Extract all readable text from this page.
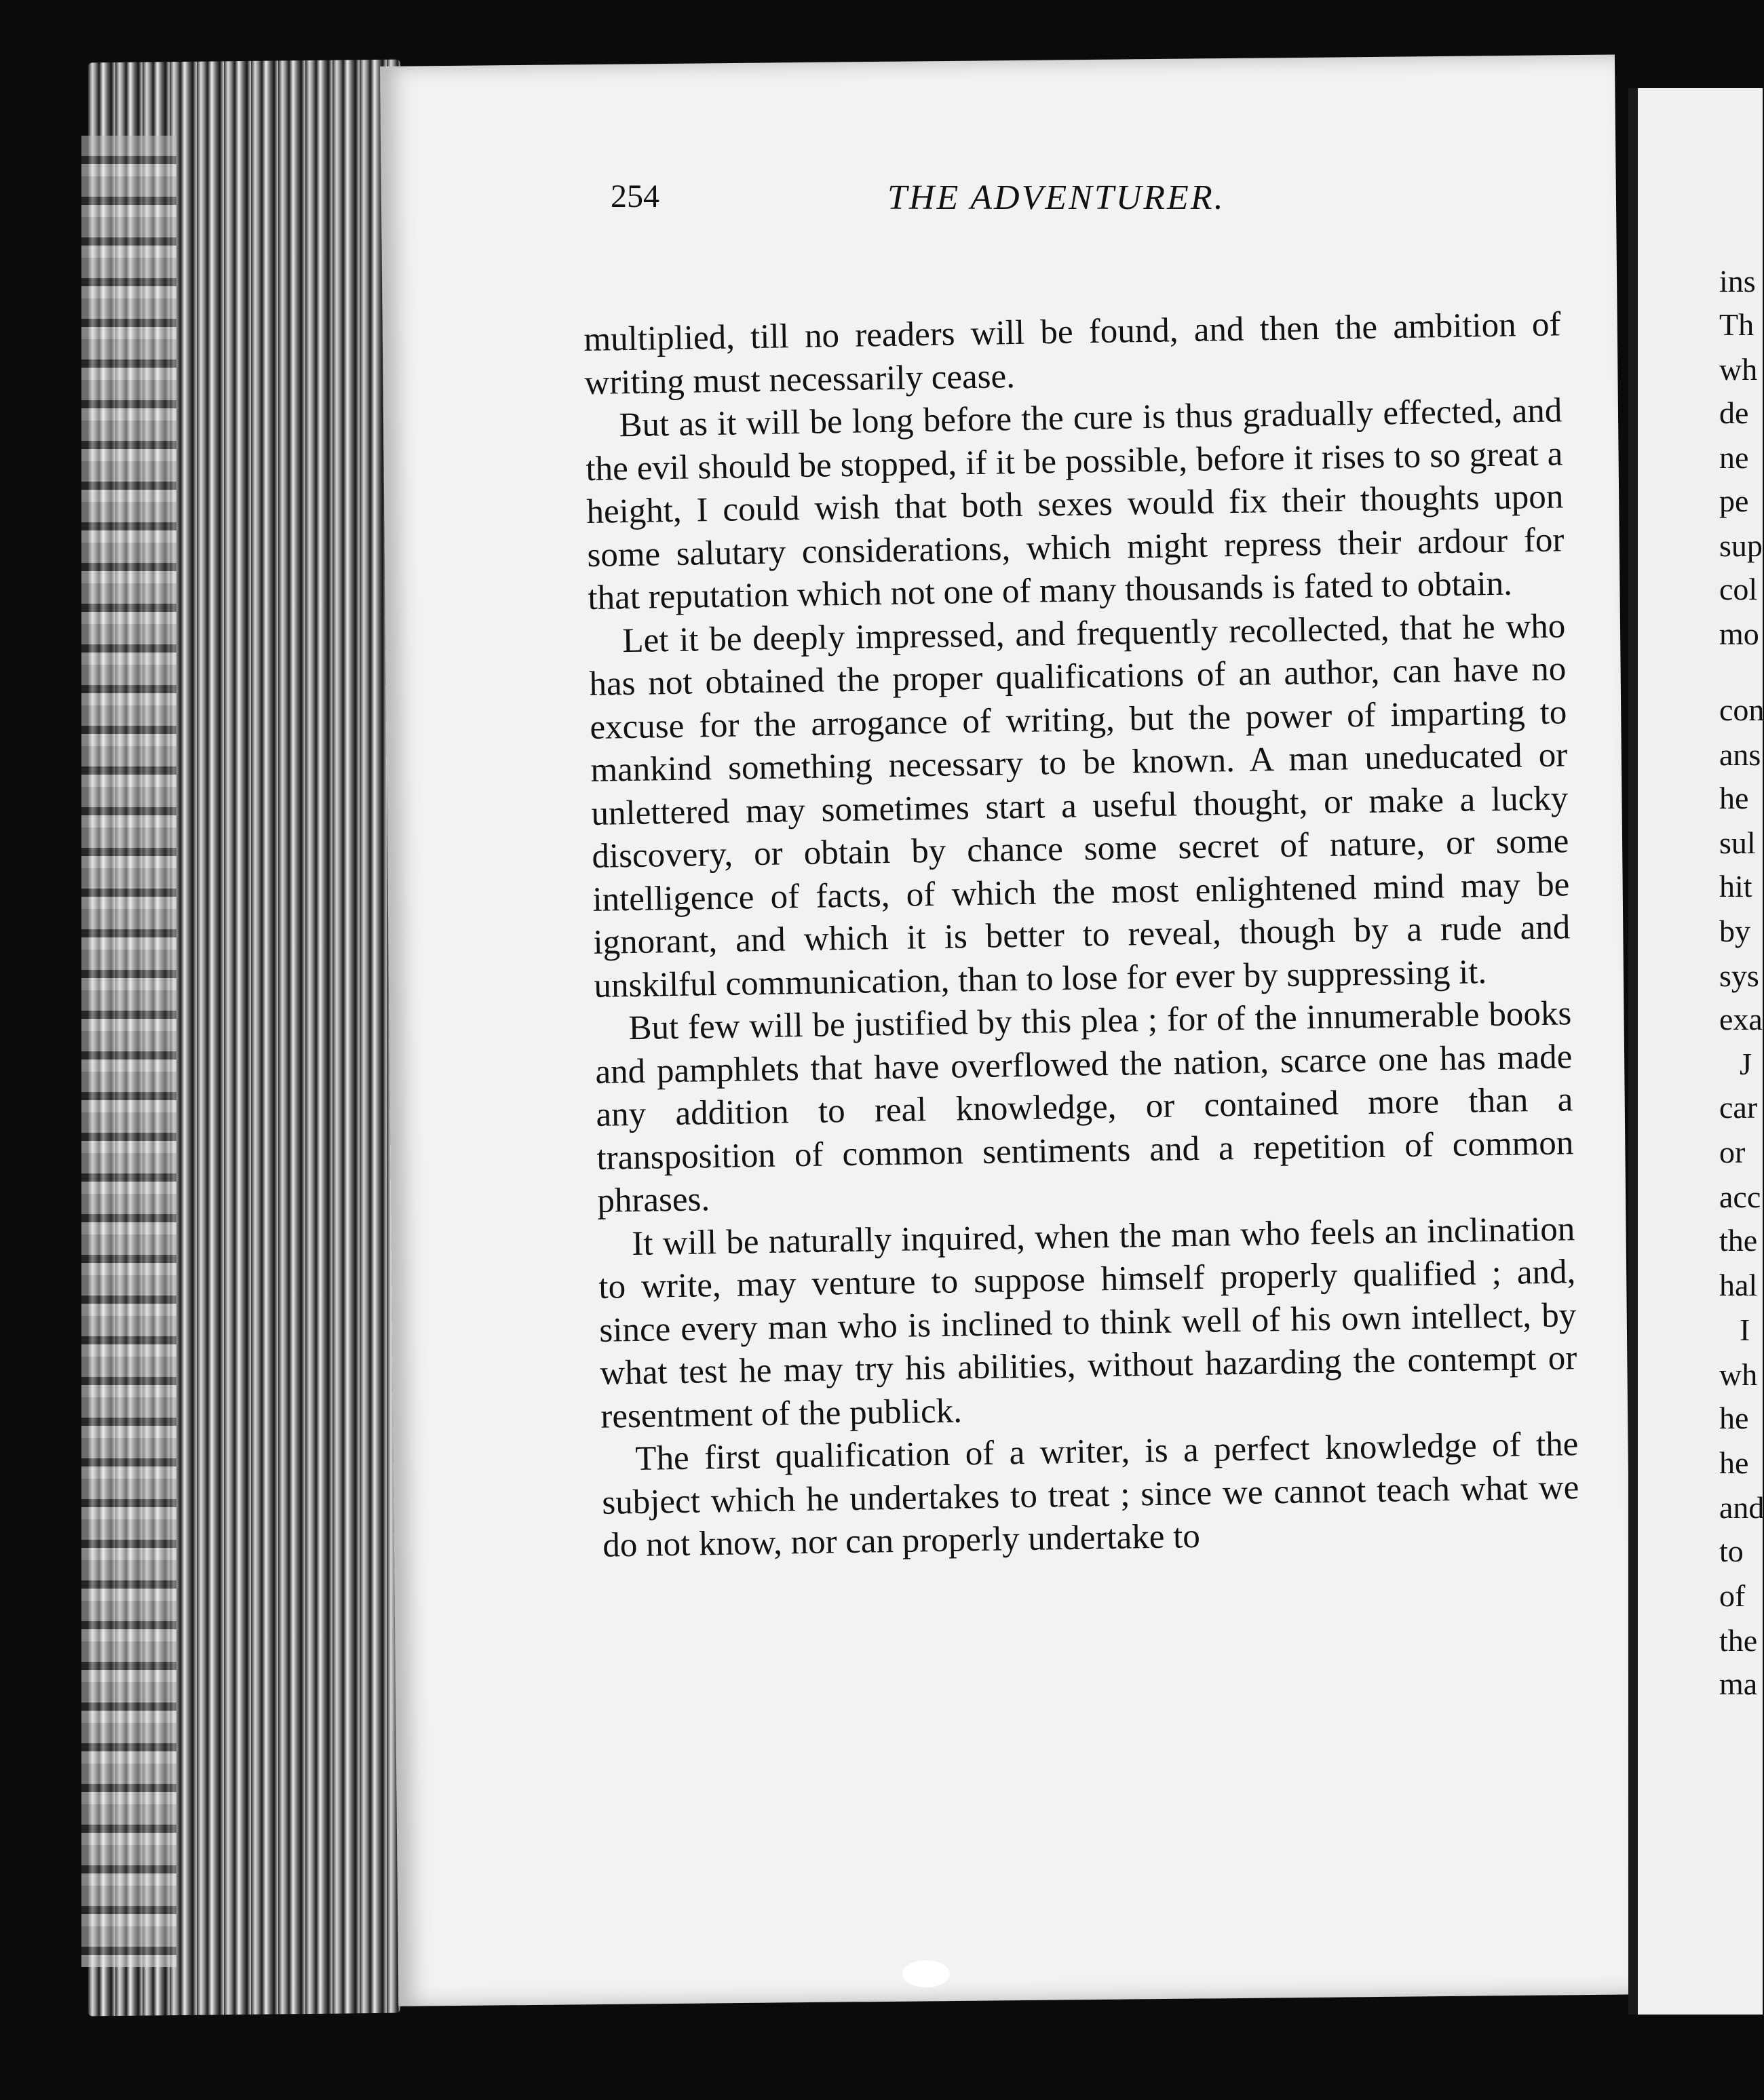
ins
Th
wh
de
ne
pe
sup
col
mo
con
ans
he
sul
hit
by
sys
exa
J
car
or
acc
the
hal
I
wh
he
he
and
to
of
the
ma
254	THE ADVENTURER.

multiplied, till no readers will be found, and then the ambition of writing must necessarily cease.

But as it will be long before the cure is thus gradually effected, and the evil should be stopped, if it be possible, before it rises to so great a height, I could wish that both sexes would fix their thoughts upon some salutary considerations, which might repress their ardour for that reputation which not one of many thousands is fated to obtain.

Let it be deeply impressed, and frequently recollected, that he who has not obtained the proper qualifications of an author, can have no excuse for the arrogance of writing, but the power of imparting to mankind something necessary to be known. A man uneducated or unlettered may sometimes start a useful thought, or make a lucky discovery, or obtain by chance some secret of nature, or some intelligence of facts, of which the most enlightened mind may be ignorant, and which it is better to reveal, though by a rude and unskilful communication, than to lose for ever by suppressing it.

But few will be justified by this plea ; for of the innumerable books and pamphlets that have overflowed the nation, scarce one has made any addition to real knowledge, or contained more than a transposition of common sentiments and a repetition of common phrases.

It will be naturally inquired, when the man who feels an inclination to write, may venture to suppose himself properly qualified ; and, since every man who is inclined to think well of his own intellect, by what test he may try his abilities, without hazarding the contempt or resentment of the publick.

The first qualification of a writer, is a perfect knowledge of the subject which he undertakes to treat ; since we cannot teach what we do not know, nor can properly undertake to
